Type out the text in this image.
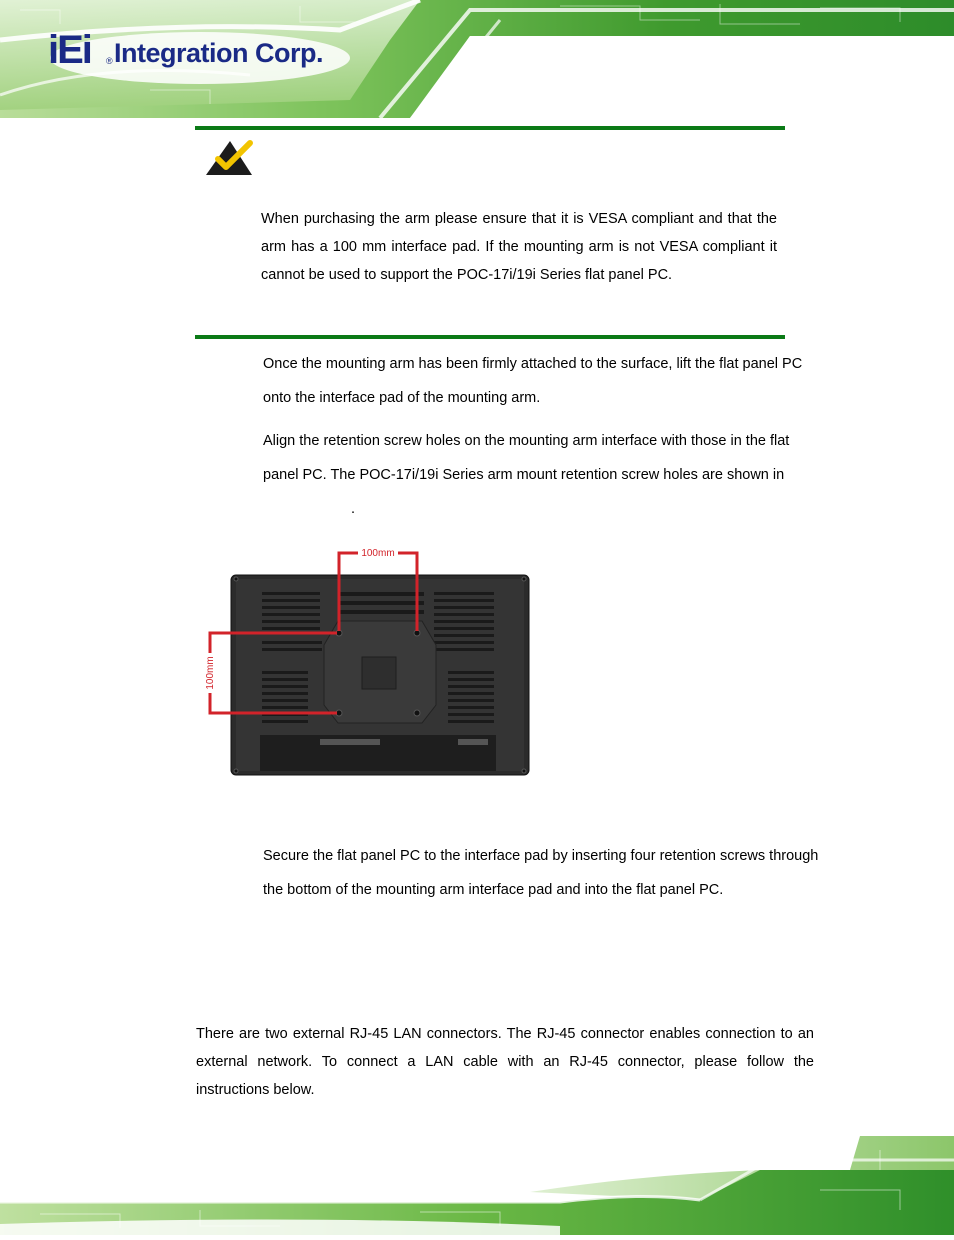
iEi ® Integration Corp.
When purchasing the arm please ensure that it is VESA compliant and that the arm has a 100 mm interface pad. If the mounting arm is not VESA compliant it cannot be used to support the POC-17i/19i Series flat panel PC.
Once the mounting arm has been firmly attached to the surface, lift the flat panel PC onto the interface pad of the mounting arm.
Align the retention screw holes on the mounting arm interface with those in the flat panel PC. The POC-17i/19i Series arm mount retention screw holes are shown in .
100mm
100mm
Secure the flat panel PC to the interface pad by inserting four retention screws through the bottom of the mounting arm interface pad and into the flat panel PC.
There are two external RJ-45 LAN connectors. The RJ-45 connector enables connection to an external network. To connect a LAN cable with an RJ-45 connector, please follow the instructions below.
